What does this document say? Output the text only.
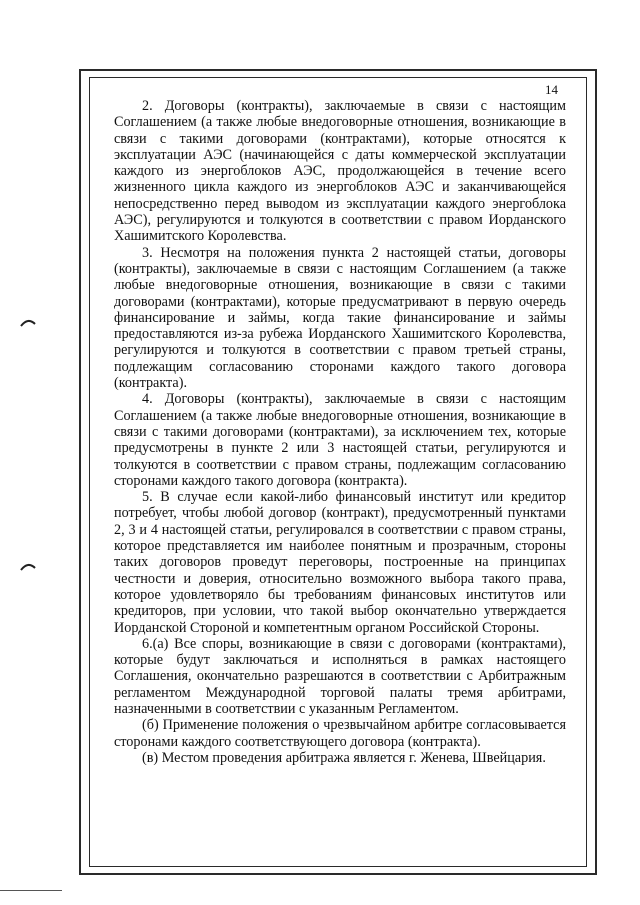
14

2. Договоры (контракты), заключаемые в связи с настоящим Соглашением (а также любые внедоговорные отношения, возникающие в связи с такими договорами (контрактами), которые относятся к эксплуатации АЭС (начинающейся с даты коммерческой эксплуатации каждого из энергоблоков АЭС, продолжающейся в течение всего жизненного цикла каждого из энергоблоков АЭС и заканчивающейся непосредственно перед выводом из эксплуатации каждого энергоблока АЭС), регулируются и толкуются в соответствии с правом Иорданского Хашимитского Королевства.

3. Несмотря на положения пункта 2 настоящей статьи, договоры (контракты), заключаемые в связи с настоящим Соглашением (а также любые внедоговорные отношения, возникающие в связи с такими договорами (контрактами), которые предусматривают в первую очередь финансирование и займы, когда такие финансирование и займы предоставляются из-за рубежа Иорданского Хашимитского Королевства, регулируются и толкуются в соответствии с правом третьей страны, подлежащим согласованию сторонами каждого такого договора (контракта).

4. Договоры (контракты), заключаемые в связи с настоящим Соглашением (а также любые внедоговорные отношения, возникающие в связи с такими договорами (контрактами), за исключением тех, которые предусмотрены в пункте 2 или 3 настоящей статьи, регулируются и толкуются в соответствии с правом страны, подлежащим согласованию сторонами каждого такого договора (контракта).

5. В случае если какой-либо финансовый институт или кредитор потребует, чтобы любой договор (контракт), предусмотренный пунктами 2, 3 и 4 настоящей статьи, регулировался в соответствии с правом страны, которое представляется им наиболее понятным и прозрачным, стороны таких договоров проведут переговоры, построенные на принципах честности и доверия, относительно возможного выбора такого права, которое удовлетворяло бы требованиям финансовых институтов или кредиторов, при условии, что такой выбор окончательно утверждается Иорданской Стороной и компетентным органом Российской Стороны.

6.(а) Все споры, возникающие в связи с договорами (контрактами), которые будут заключаться и исполняться в рамках настоящего Соглашения, окончательно разрешаются в соответствии с Арбитражным регламентом Международной торговой палаты тремя арбитрами, назначенными в соответствии с указанным Регламентом.

(б) Применение положения о чрезвычайном арбитре согласовывается сторонами каждого соответствующего договора (контракта).

(в) Местом проведения арбитража является г. Женева, Швейцария.
